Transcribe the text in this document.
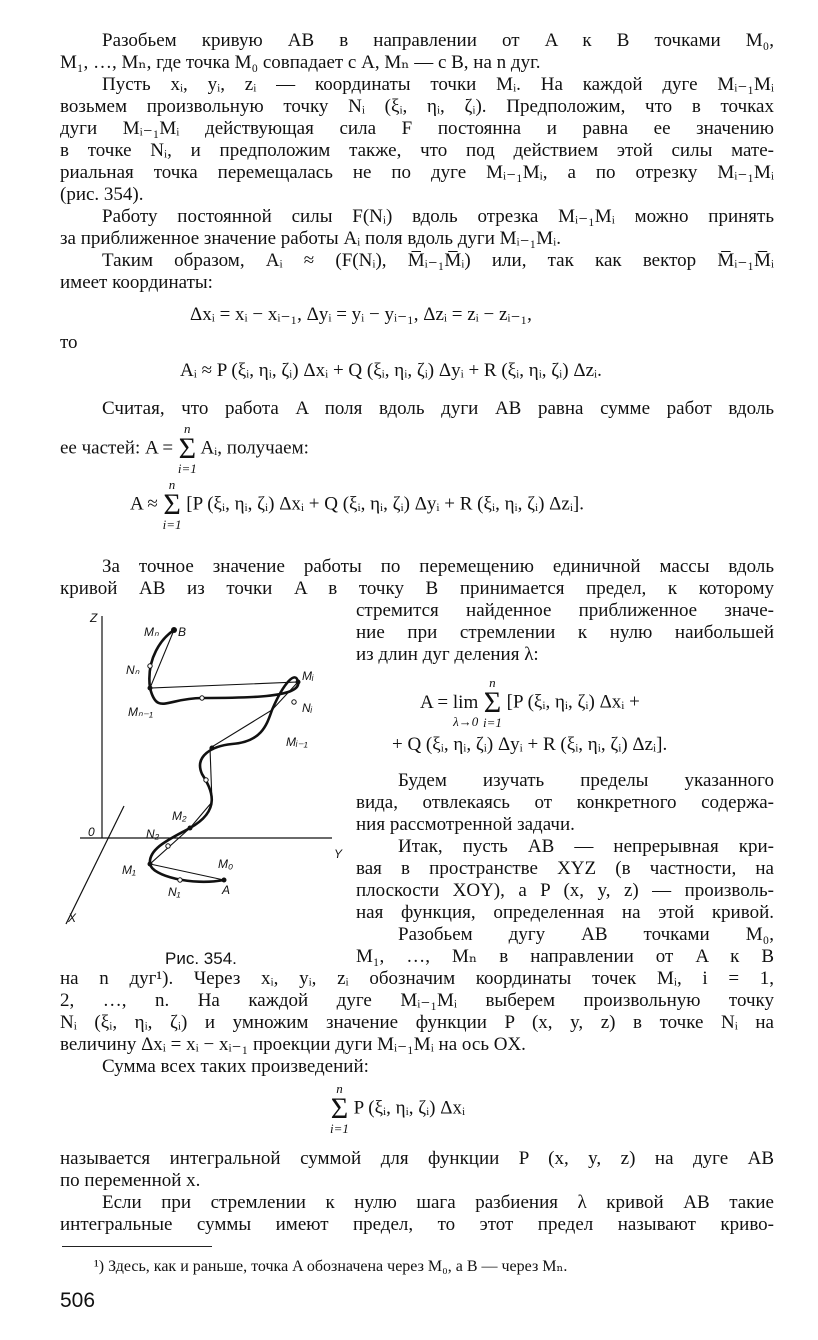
Разобьем кривую AB в направлении от A к B точками M₀,
M₁, …, Mₙ, где точка M₀ совпадает с A, Mₙ — с B, на n дуг.
Пусть xᵢ, yᵢ, zᵢ — координаты точки Mᵢ. На каждой дуге Mᵢ₋₁Mᵢ
возьмем произвольную точку Nᵢ (ξᵢ, ηᵢ, ζᵢ). Предположим, что в точках
дуги Mᵢ₋₁Mᵢ действующая сила F постоянна и равна ее значению
в точке Nᵢ, и предположим также, что под действием этой силы мате-
риальная точка перемещалась не по дуге Mᵢ₋₁Mᵢ, а по отрезку Mᵢ₋₁Mᵢ
(рис. 354).
Работу постоянной силы F(Nᵢ) вдоль отрезка Mᵢ₋₁Mᵢ можно принять
за приближенное значение работы Aᵢ поля вдоль дуги Mᵢ₋₁Mᵢ.
Таким образом, Aᵢ ≈ (F(Nᵢ), M̅ᵢ₋₁M̅ᵢ) или, так как вектор M̅ᵢ₋₁M̅ᵢ
имеет координаты:
Δxᵢ = xᵢ − xᵢ₋₁, Δyᵢ = yᵢ − yᵢ₋₁, Δzᵢ = zᵢ − zᵢ₋₁,
то
Aᵢ ≈ P (ξᵢ, ηᵢ, ζᵢ) Δxᵢ + Q (ξᵢ, ηᵢ, ζᵢ) Δyᵢ + R (ξᵢ, ηᵢ, ζᵢ) Δzᵢ.
Считая, что работа A поля вдоль дуги AB равна сумме работ вдоль
ее частей: A =
n
Σ
i=1
Aᵢ, получаем:
A ≈
n
Σ
i=1
[P (ξᵢ, ηᵢ, ζᵢ) Δxᵢ + Q (ξᵢ, ηᵢ, ζᵢ) Δyᵢ + R (ξᵢ, ηᵢ, ζᵢ) Δzᵢ].
За точное значение работы по перемещению единичной массы вдоль
кривой AB из точки A в точку B принимается предел, к которому
стремится найденное приближенное значе-
ние при стремлении к нулю наибольшей
из длин дуг деления λ:

A = lim
λ→0

n
Σ
i=1
[P (ξᵢ, ηᵢ, ζᵢ) Δxᵢ +
+ Q (ξᵢ, ηᵢ, ζᵢ) Δyᵢ + R (ξᵢ, ηᵢ, ζᵢ) Δzᵢ].
Будем изучать пределы указанного
вида, отвлекаясь от конкретного содержа-
ния рассмотренной задачи.
Итак, пусть AB — непрерывная кри-
вая в пространстве XYZ (в частности, на
плоскости XOY), а P (x, y, z) — произволь-
ная функция, определенная на этой кривой.
Разобьем дугу AB точками M₀,
M₁, …, Mₙ в направлении от A к B
на n дуг¹). Через xᵢ, yᵢ, zᵢ обозначим координаты точек Mᵢ, i = 1,
2, …, n. На каждой дуге Mᵢ₋₁Mᵢ выберем произвольную точку
Nᵢ (ξᵢ, ηᵢ, ζᵢ) и умножим значение функции P (x, y, z) в точке Nᵢ на
величину Δxᵢ = xᵢ − xᵢ₋₁ проекции дуги Mᵢ₋₁Mᵢ на ось OX.
Сумма всех таких произведений:
n
Σ
i=1
P (ξᵢ, ηᵢ, ζᵢ) Δxᵢ
называется интегральной суммой для функции P (x, y, z) на дуге AB
по переменной x.
Если при стремлении к нулю шага разбиения λ кривой AB такие
интегральные суммы имеют предел, то этот предел называют криво-
¹) Здесь, как и раньше, точка A обозначена через M₀, а B — через Mₙ.
506
Z
Y
X
0
Mₙ B
Nₙ
Mₙ₋₁
Mᵢ
Nᵢ
Mᵢ₋₁
M₂
N₂
M₁
N₁
M₀
A
Рис. 354.
